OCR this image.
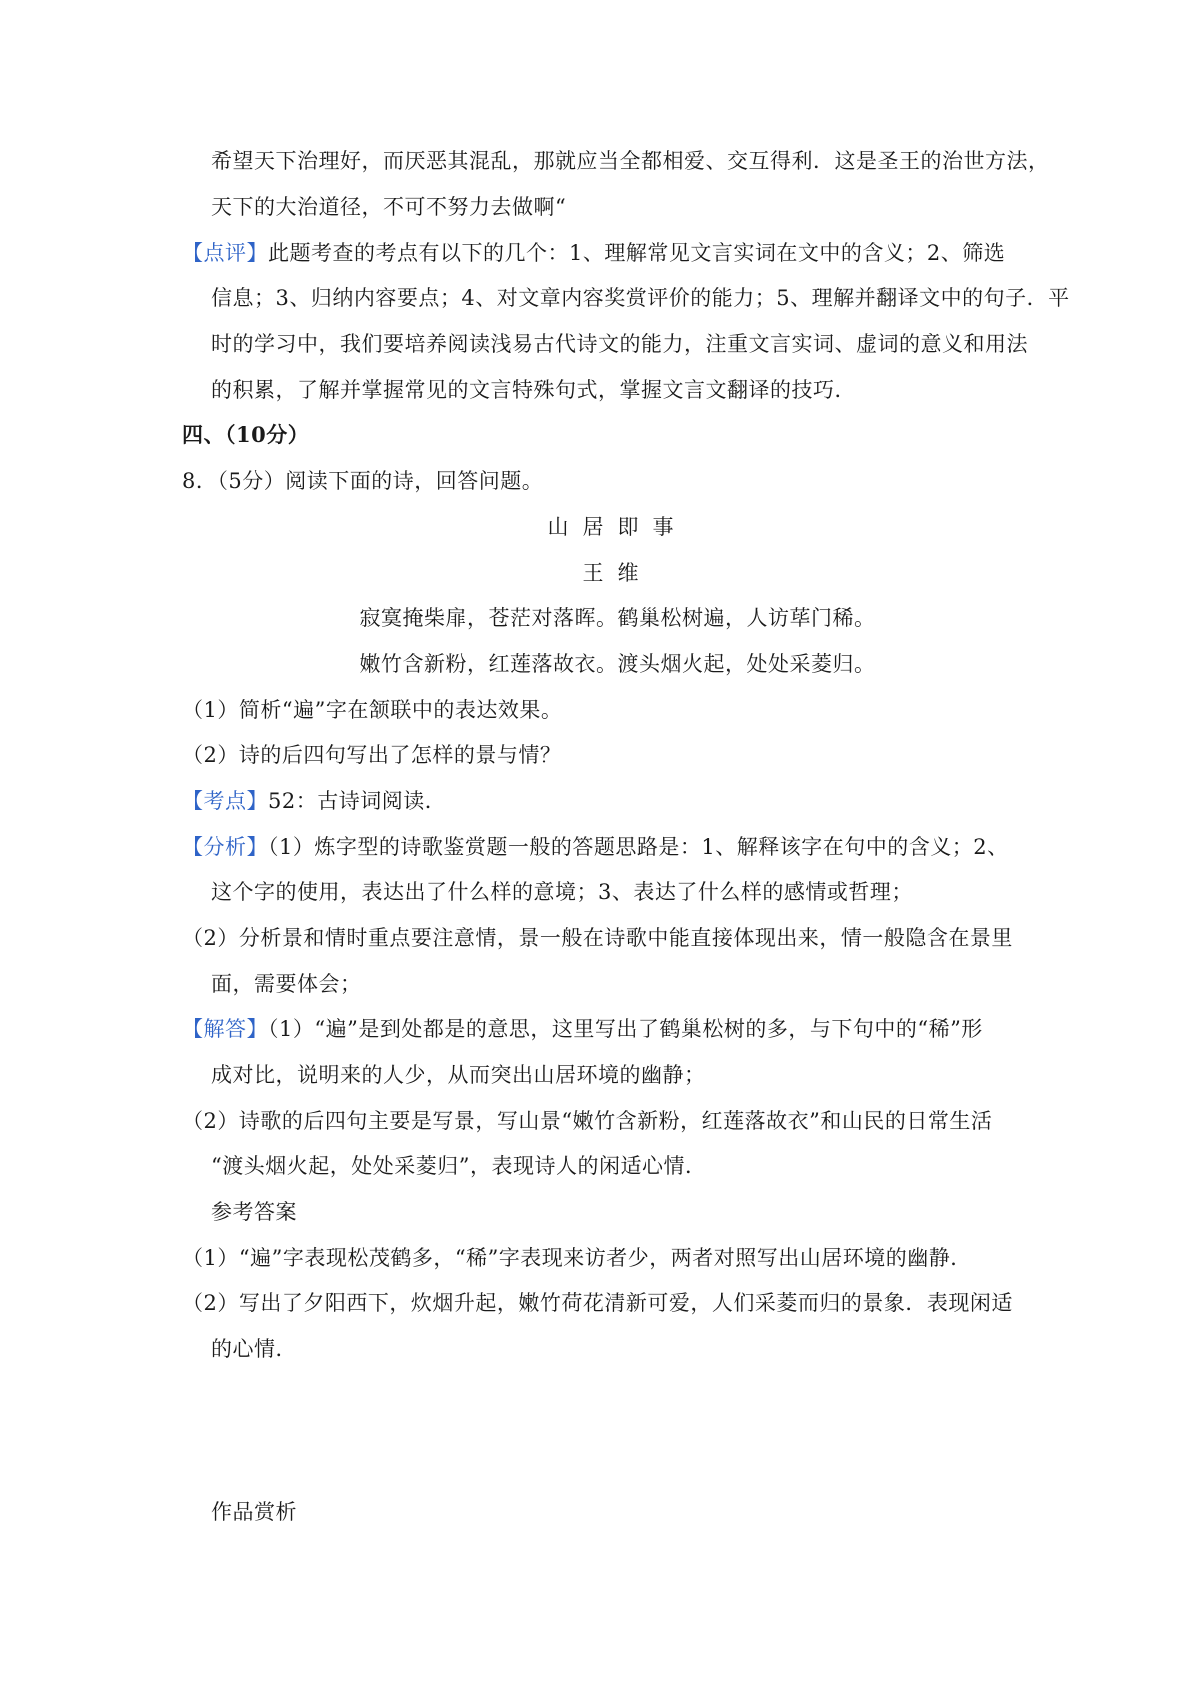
希望天下治理好，而厌恶其混乱，那就应当全都相爱、交互得利．这是圣王的治世方法，
天下的大治道径，不可不努力去做啊“
【点评】此题考查的考点有以下的几个：1、理解常见文言实词在文中的含义；2、筛选
信息；3、归纳内容要点；4、对文章内容奖赏评价的能力；5、理解并翻译文中的句子．平
时的学习中，我们要培养阅读浅易古代诗文的能力，注重文言实词、虚词的意义和用法
的积累，了解并掌握常见的文言特殊句式，掌握文言文翻译的技巧．
四、（10分）
8．（5分）阅读下面的诗，回答问题。
山居即事
王维
寂寞掩柴扉，苍茫对落晖。鹤巢松树遍，人访荜门稀。
嫩竹含新粉，红莲落故衣。渡头烟火起，处处采菱归。
（1）简析“遍”字在颔联中的表达效果。
（2）诗的后四句写出了怎样的景与情？
【考点】52：古诗词阅读．
【分析】（1）炼字型的诗歌鉴赏题一般的答题思路是：1、解释该字在句中的含义；2、
这个字的使用，表达出了什么样的意境；3、表达了什么样的感情或哲理；
（2）分析景和情时重点要注意情，景一般在诗歌中能直接体现出来，情一般隐含在景里
面，需要体会；
【解答】（1）“遍”是到处都是的意思，这里写出了鹤巢松树的多，与下句中的“稀”形
成对比，说明来的人少，从而突出山居环境的幽静；
（2）诗歌的后四句主要是写景，写山景“嫩竹含新粉，红莲落故衣”和山民的日常生活
“渡头烟火起，处处采菱归”，表现诗人的闲适心情．
参考答案
（1）“遍”字表现松茂鹤多，“稀”字表现来访者少，两者对照写出山居环境的幽静．
（2）写出了夕阳西下，炊烟升起，嫩竹荷花清新可爱，人们采菱而归的景象．表现闲适
的心情．
作品赏析
